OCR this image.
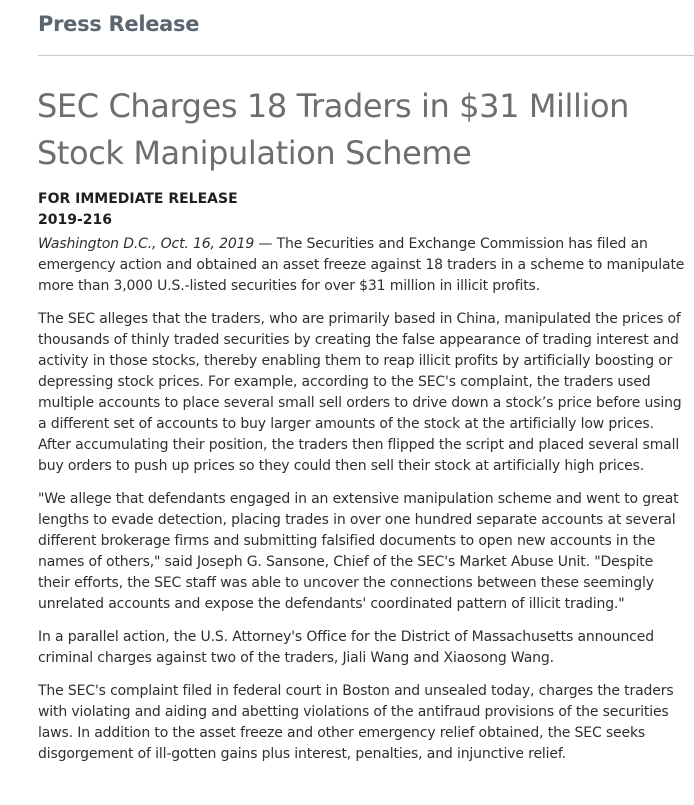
Press Release
SEC Charges 18 Traders in $31 Million Stock Manipulation Scheme
FOR IMMEDIATE RELEASE
2019-216

Washington D.C., Oct. 16, 2019 — The Securities and Exchange Commission has filed an emergency action and obtained an asset freeze against 18 traders in a scheme to manipulate more than 3,000 U.S.-listed securities for over $31 million in illicit profits.

The SEC alleges that the traders, who are primarily based in China, manipulated the prices of thousands of thinly traded securities by creating the false appearance of trading interest and activity in those stocks, thereby enabling them to reap illicit profits by artificially boosting or depressing stock prices. For example, according to the SEC's complaint, the traders used multiple accounts to place several small sell orders to drive down a stock’s price before using a different set of accounts to buy larger amounts of the stock at the artificially low prices. After accumulating their position, the traders then flipped the script and placed several small buy orders to push up prices so they could then sell their stock at artificially high prices.

"We allege that defendants engaged in an extensive manipulation scheme and went to great lengths to evade detection, placing trades in over one hundred separate accounts at several different brokerage firms and submitting falsified documents to open new accounts in the names of others," said Joseph G. Sansone, Chief of the SEC's Market Abuse Unit. "Despite their efforts, the SEC staff was able to uncover the connections between these seemingly unrelated accounts and expose the defendants' coordinated pattern of illicit trading."

In a parallel action, the U.S. Attorney's Office for the District of Massachusetts announced criminal charges against two of the traders, Jiali Wang and Xiaosong Wang.

The SEC's complaint filed in federal court in Boston and unsealed today, charges the traders with violating and aiding and abetting violations of the antifraud provisions of the securities laws. In addition to the asset freeze and other emergency relief obtained, the SEC seeks disgorgement of ill-gotten gains plus interest, penalties, and injunctive relief.
